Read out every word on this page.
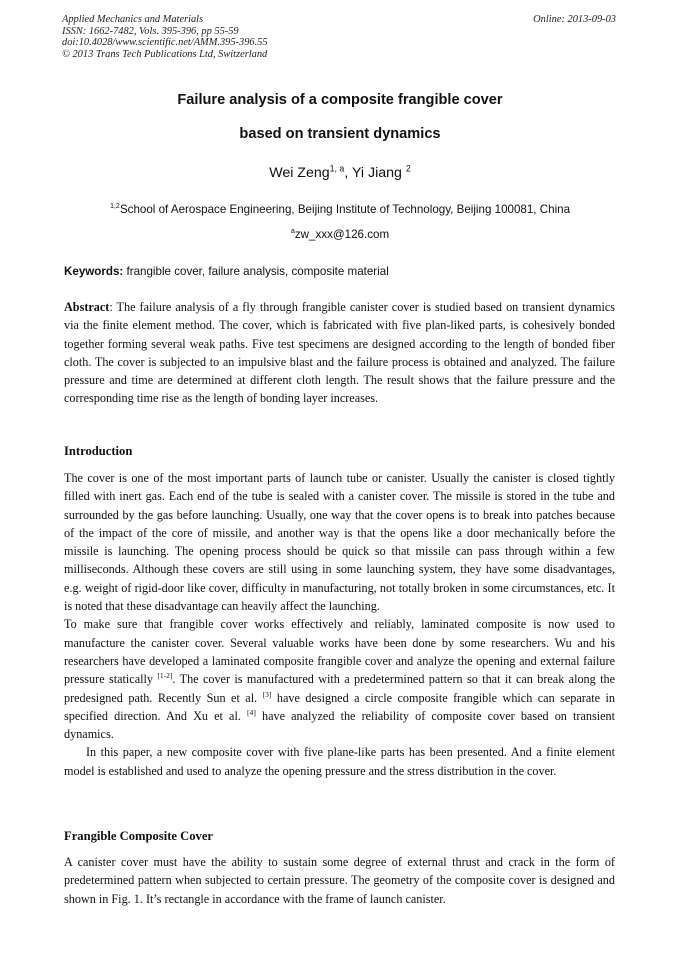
Applied Mechanics and Materials
ISSN: 1662-7482, Vols. 395-396, pp 55-59
doi:10.4028/www.scientific.net/AMM.395-396.55
© 2013 Trans Tech Publications Ltd, Switzerland
Online: 2013-09-03
Failure analysis of a composite frangible cover
based on transient dynamics
Wei Zeng$^{1, a}$, Yi Jiang $^2$
$^{1,2}$School of Aerospace Engineering, Beijing Institute of Technology, Beijing 100081, China
$^a$zw_xxx@126.com
Keywords: frangible cover, failure analysis, composite material

Abstract: The failure analysis of a fly through frangible canister cover is studied based on transient dynamics via the finite element method. The cover, which is fabricated with five plan-liked parts, is cohesively bonded together forming several weak paths. Five test specimens are designed according to the length of bonded fiber cloth. The cover is subjected to an impulsive blast and the failure process is obtained and analyzed. The failure pressure and time are determined at different cloth length. The result shows that the failure pressure and the corresponding time rise as the length of bonding layer increases.

Introduction

The cover is one of the most important parts of launch tube or canister. Usually the canister is closed tightly filled with inert gas. Each end of the tube is sealed with a canister cover. The missile is stored in the tube and surrounded by the gas before launching. Usually, one way that the cover opens is to break into patches because of the impact of the core of missile, and another way is that the opens like a door mechanically before the missile is launching. The opening process should be quick so that missile can pass through within a few milliseconds. Although these covers are still using in some launching system, they have some disadvantages, e.g. weight of rigid-door like cover, difficulty in manufacturing, not totally broken in some circumstances, etc. It is noted that these disadvantage can heavily affect the launching.

To make sure that frangible cover works effectively and reliably, laminated composite is now used to manufacture the canister cover. Several valuable works have been done by some researchers. Wu and his researchers have developed a laminated composite frangible cover and analyze the opening and external failure pressure statically [1-2]. The cover is manufactured with a predetermined pattern so that it can break along the predesigned path. Recently Sun et al. [3] have designed a circle composite frangible which can separate in specified direction. And Xu et al. [4] have analyzed the reliability of composite cover based on transient dynamics.

In this paper, a new composite cover with five plane-like parts has been presented. And a finite element model is established and used to analyze the opening pressure and the stress distribution in the cover.

Frangible Composite Cover

A canister cover must have the ability to sustain some degree of external thrust and crack in the form of predetermined pattern when subjected to certain pressure. The geometry of the composite cover is designed and shown in Fig. 1. It’s rectangle in accordance with the frame of launch canister.
